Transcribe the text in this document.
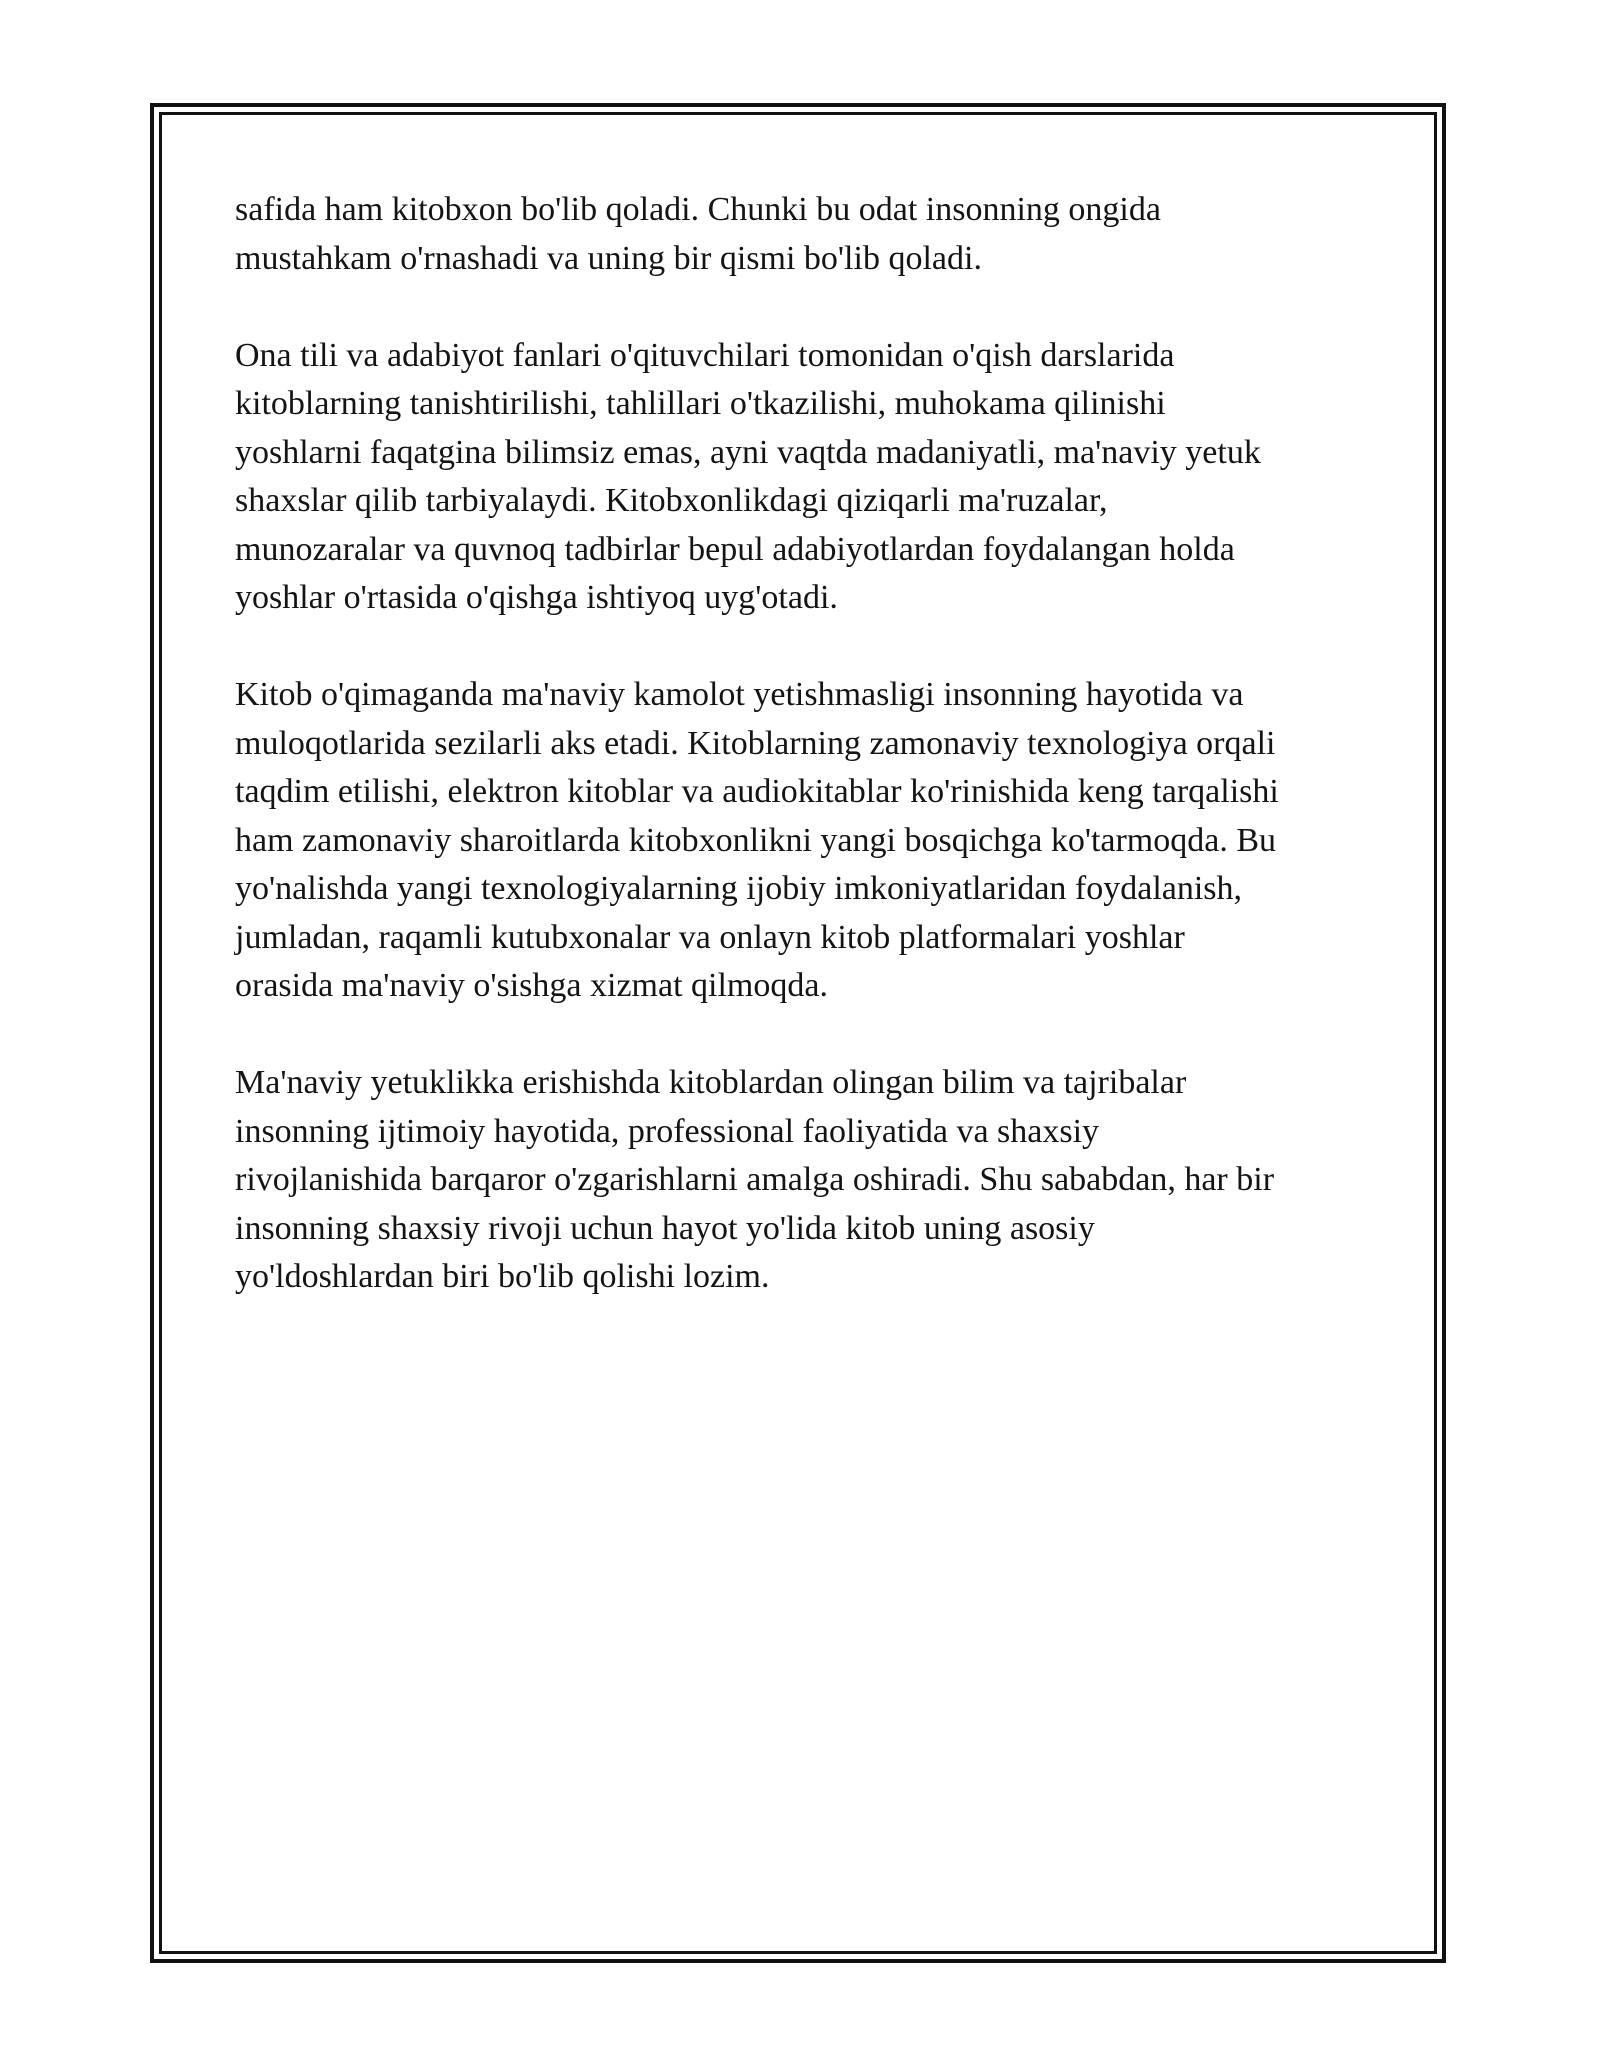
safida ham kitobxon bo'lib qoladi. Chunki bu odat insonning ongida
mustahkam o'rnashadi va uning bir qismi bo'lib qoladi.

Ona tili va adabiyot fanlari o'qituvchilari tomonidan o'qish darslarida
kitoblarning tanishtirilishi, tahlillari o'tkazilishi, muhokama qilinishi
yoshlarni faqatgina bilimsiz emas, ayni vaqtda madaniyatli, ma'naviy yetuk
shaxslar qilib tarbiyalaydi. Kitobxonlikdagi qiziqarli ma'ruzalar,
munozaralar va quvnoq tadbirlar bepul adabiyotlardan foydalangan holda
yoshlar o'rtasida o'qishga ishtiyoq uyg'otadi.

Kitob o'qimaganda ma'naviy kamolot yetishmasligi insonning hayotida va
muloqotlarida sezilarli aks etadi. Kitoblarning zamonaviy texnologiya orqali
taqdim etilishi, elektron kitoblar va audiokitablar ko'rinishida keng tarqalishi
ham zamonaviy sharoitlarda kitobxonlikni yangi bosqichga ko'tarmoqda. Bu
yo'nalishda yangi texnologiyalarning ijobiy imkoniyatlaridan foydalanish,
jumladan, raqamli kutubxonalar va onlayn kitob platformalari yoshlar
orasida ma'naviy o'sishga xizmat qilmoqda.

Ma'naviy yetuklikka erishishda kitoblardan olingan bilim va tajribalar
insonning ijtimoiy hayotida, professional faoliyatida va shaxsiy
rivojlanishida barqaror o'zgarishlarni amalga oshiradi. Shu sababdan, har bir
insonning shaxsiy rivoji uchun hayot yo'lida kitob uning asosiy
yo'ldoshlardan biri bo'lib qolishi lozim.
